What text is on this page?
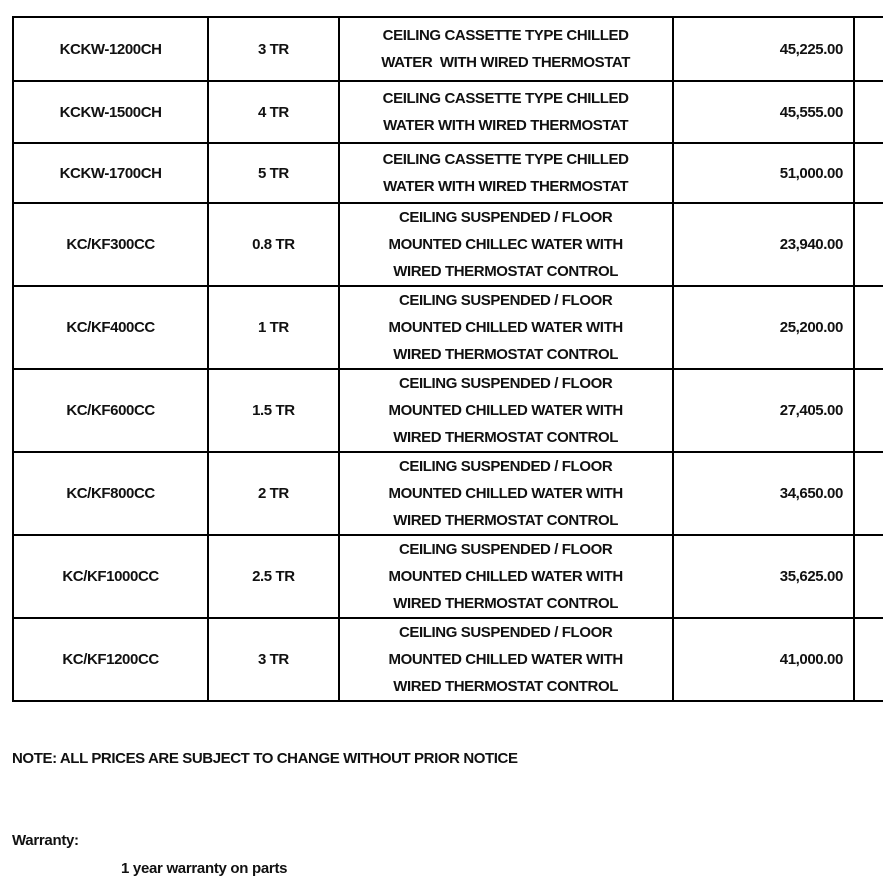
KCKW-1200CH	3 TR	CEILING CASSETTE TYPE CHILLED
WATER  WITH WIRED THERMOSTAT	45,225.00	
KCKW-1500CH	4 TR	CEILING CASSETTE TYPE CHILLED
WATER WITH WIRED THERMOSTAT	45,555.00	
KCKW-1700CH	5 TR	CEILING CASSETTE TYPE CHILLED
WATER WITH WIRED THERMOSTAT	51,000.00	
KC/KF300CC	0.8 TR	CEILING SUSPENDED / FLOOR
MOUNTED CHILLEC WATER WITH
WIRED THERMOSTAT CONTROL	23,940.00	
KC/KF400CC	1 TR	CEILING SUSPENDED / FLOOR
MOUNTED CHILLED WATER WITH
WIRED THERMOSTAT CONTROL	25,200.00	
KC/KF600CC	1.5 TR	CEILING SUSPENDED / FLOOR
MOUNTED CHILLED WATER WITH
WIRED THERMOSTAT CONTROL	27,405.00	
KC/KF800CC	2 TR	CEILING SUSPENDED / FLOOR
MOUNTED CHILLED WATER WITH
WIRED THERMOSTAT CONTROL	34,650.00	
KC/KF1000CC	2.5 TR	CEILING SUSPENDED / FLOOR
MOUNTED CHILLED WATER WITH
WIRED THERMOSTAT CONTROL	35,625.00	
KC/KF1200CC	3 TR	CEILING SUSPENDED / FLOOR
MOUNTED CHILLED WATER WITH
WIRED THERMOSTAT CONTROL	41,000.00	
NOTE: ALL PRICES ARE SUBJECT TO CHANGE WITHOUT PRIOR NOTICE
Warranty:
1 year warranty on parts
